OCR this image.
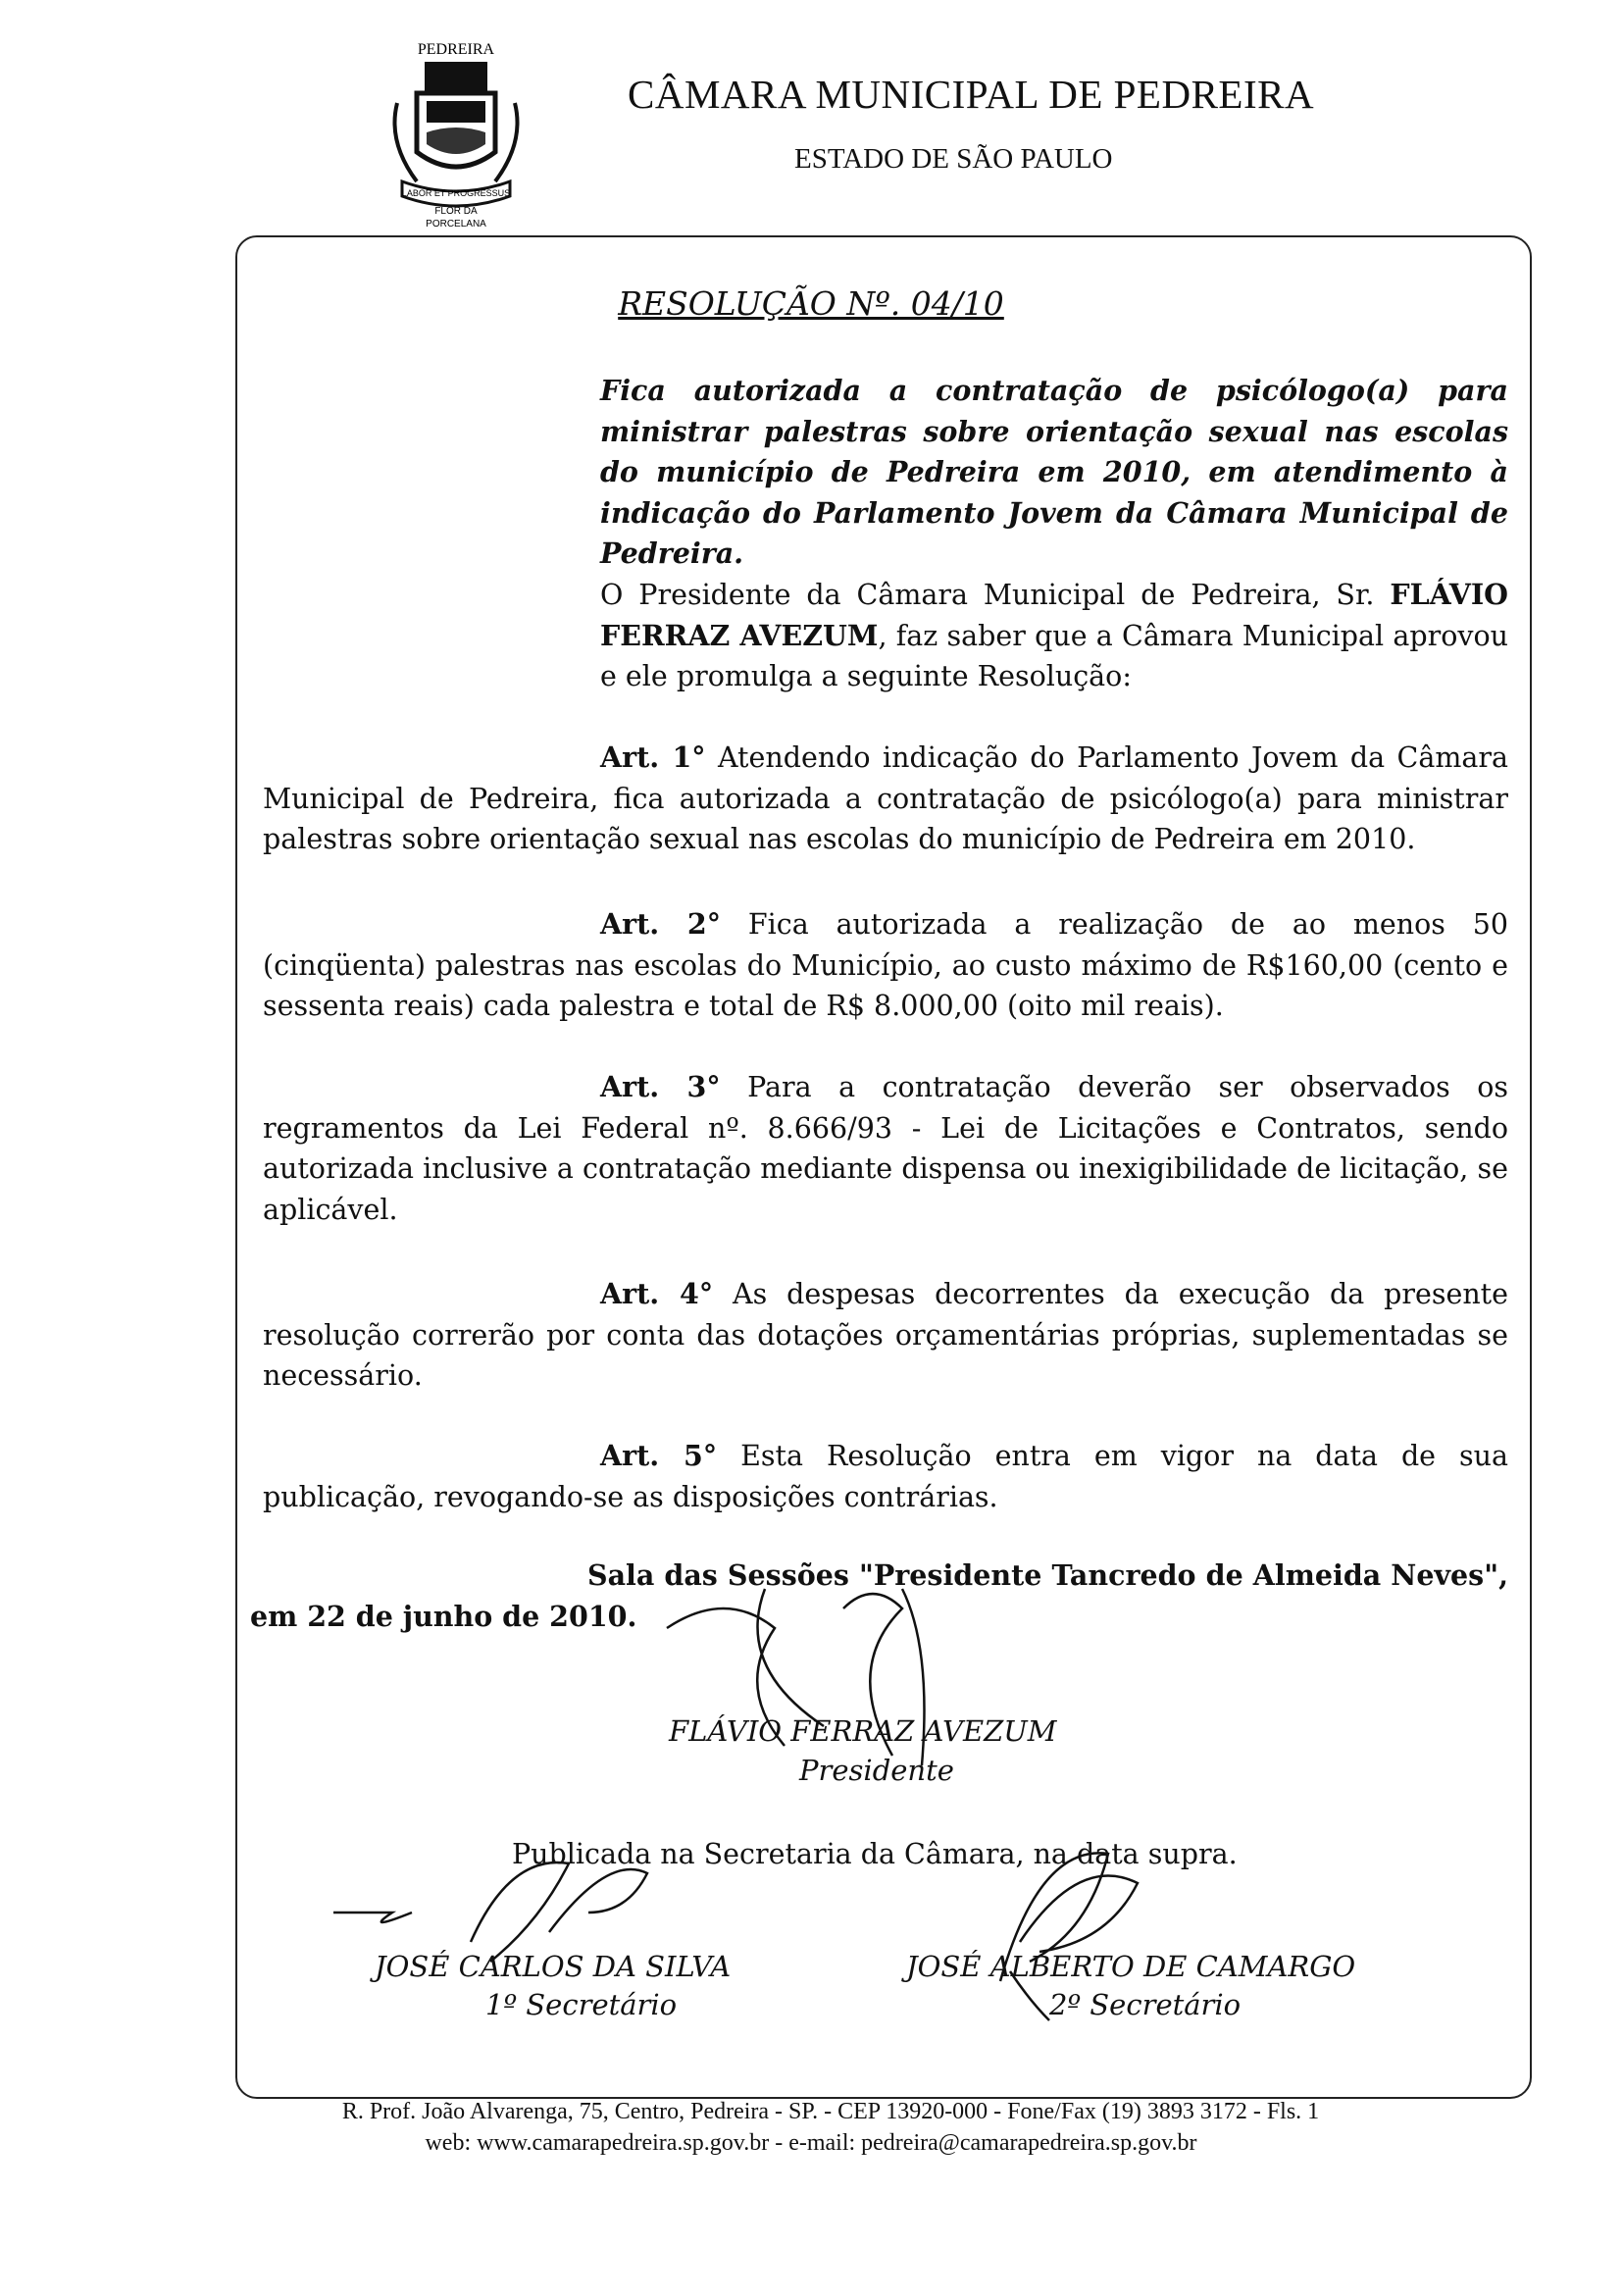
PEDREIRA
LABOR ET PROGRESSUS
FLOR DA
PORCELANA
CÂMARA MUNICIPAL DE PEDREIRA
ESTADO DE SÃO PAULO
RESOLUÇÃO Nº. 04/10
Fica autorizada a contratação de psicólogo(a) para ministrar palestras sobre orientação sexual nas escolas do município de Pedreira em 2010, em atendimento à indicação do Parlamento Jovem da Câmara Municipal de Pedreira.
O Presidente da Câmara Municipal de Pedreira, Sr. FLÁVIO FERRAZ AVEZUM, faz saber que a Câmara Municipal aprovou e ele promulga a seguinte Resolução:
Art. 1° Atendendo indicação do Parlamento Jovem da Câmara Municipal de Pedreira, fica autorizada a contratação de psicólogo(a) para ministrar palestras sobre orientação sexual nas escolas do município de Pedreira em 2010.
Art. 2° Fica autorizada a realização de ao menos 50 (cinqüenta) palestras nas escolas do Município, ao custo máximo de R$160,00 (cento e sessenta reais) cada palestra e total de R$ 8.000,00 (oito mil reais).
Art. 3° Para a contratação deverão ser observados os regramentos da Lei Federal nº. 8.666/93 - Lei de Licitações e Contratos, sendo autorizada inclusive a contratação mediante dispensa ou inexigibilidade de licitação, se aplicável.
Art. 4° As despesas decorrentes da execução da presente resolução correrão por conta das dotações orçamentárias próprias, suplementadas se necessário.
Art. 5° Esta Resolução entra em vigor na data de sua publicação, revogando-se as disposições contrárias.
Sala das Sessões "Presidente Tancredo de Almeida Neves", em 22 de junho de 2010.
FLÁVIO FERRAZ AVEZUM
Presidente
Publicada na Secretaria da Câmara, na data supra.
JOSÉ CARLOS DA SILVA
1º Secretário
JOSÉ ALBERTO DE CAMARGO
2º Secretário
R. Prof. João Alvarenga, 75, Centro, Pedreira - SP. - CEP 13920-000 - Fone/Fax (19) 3893 3172 - Fls. 1
web: www.camarapedreira.sp.gov.br - e-mail: pedreira@camarapedreira.sp.gov.br
